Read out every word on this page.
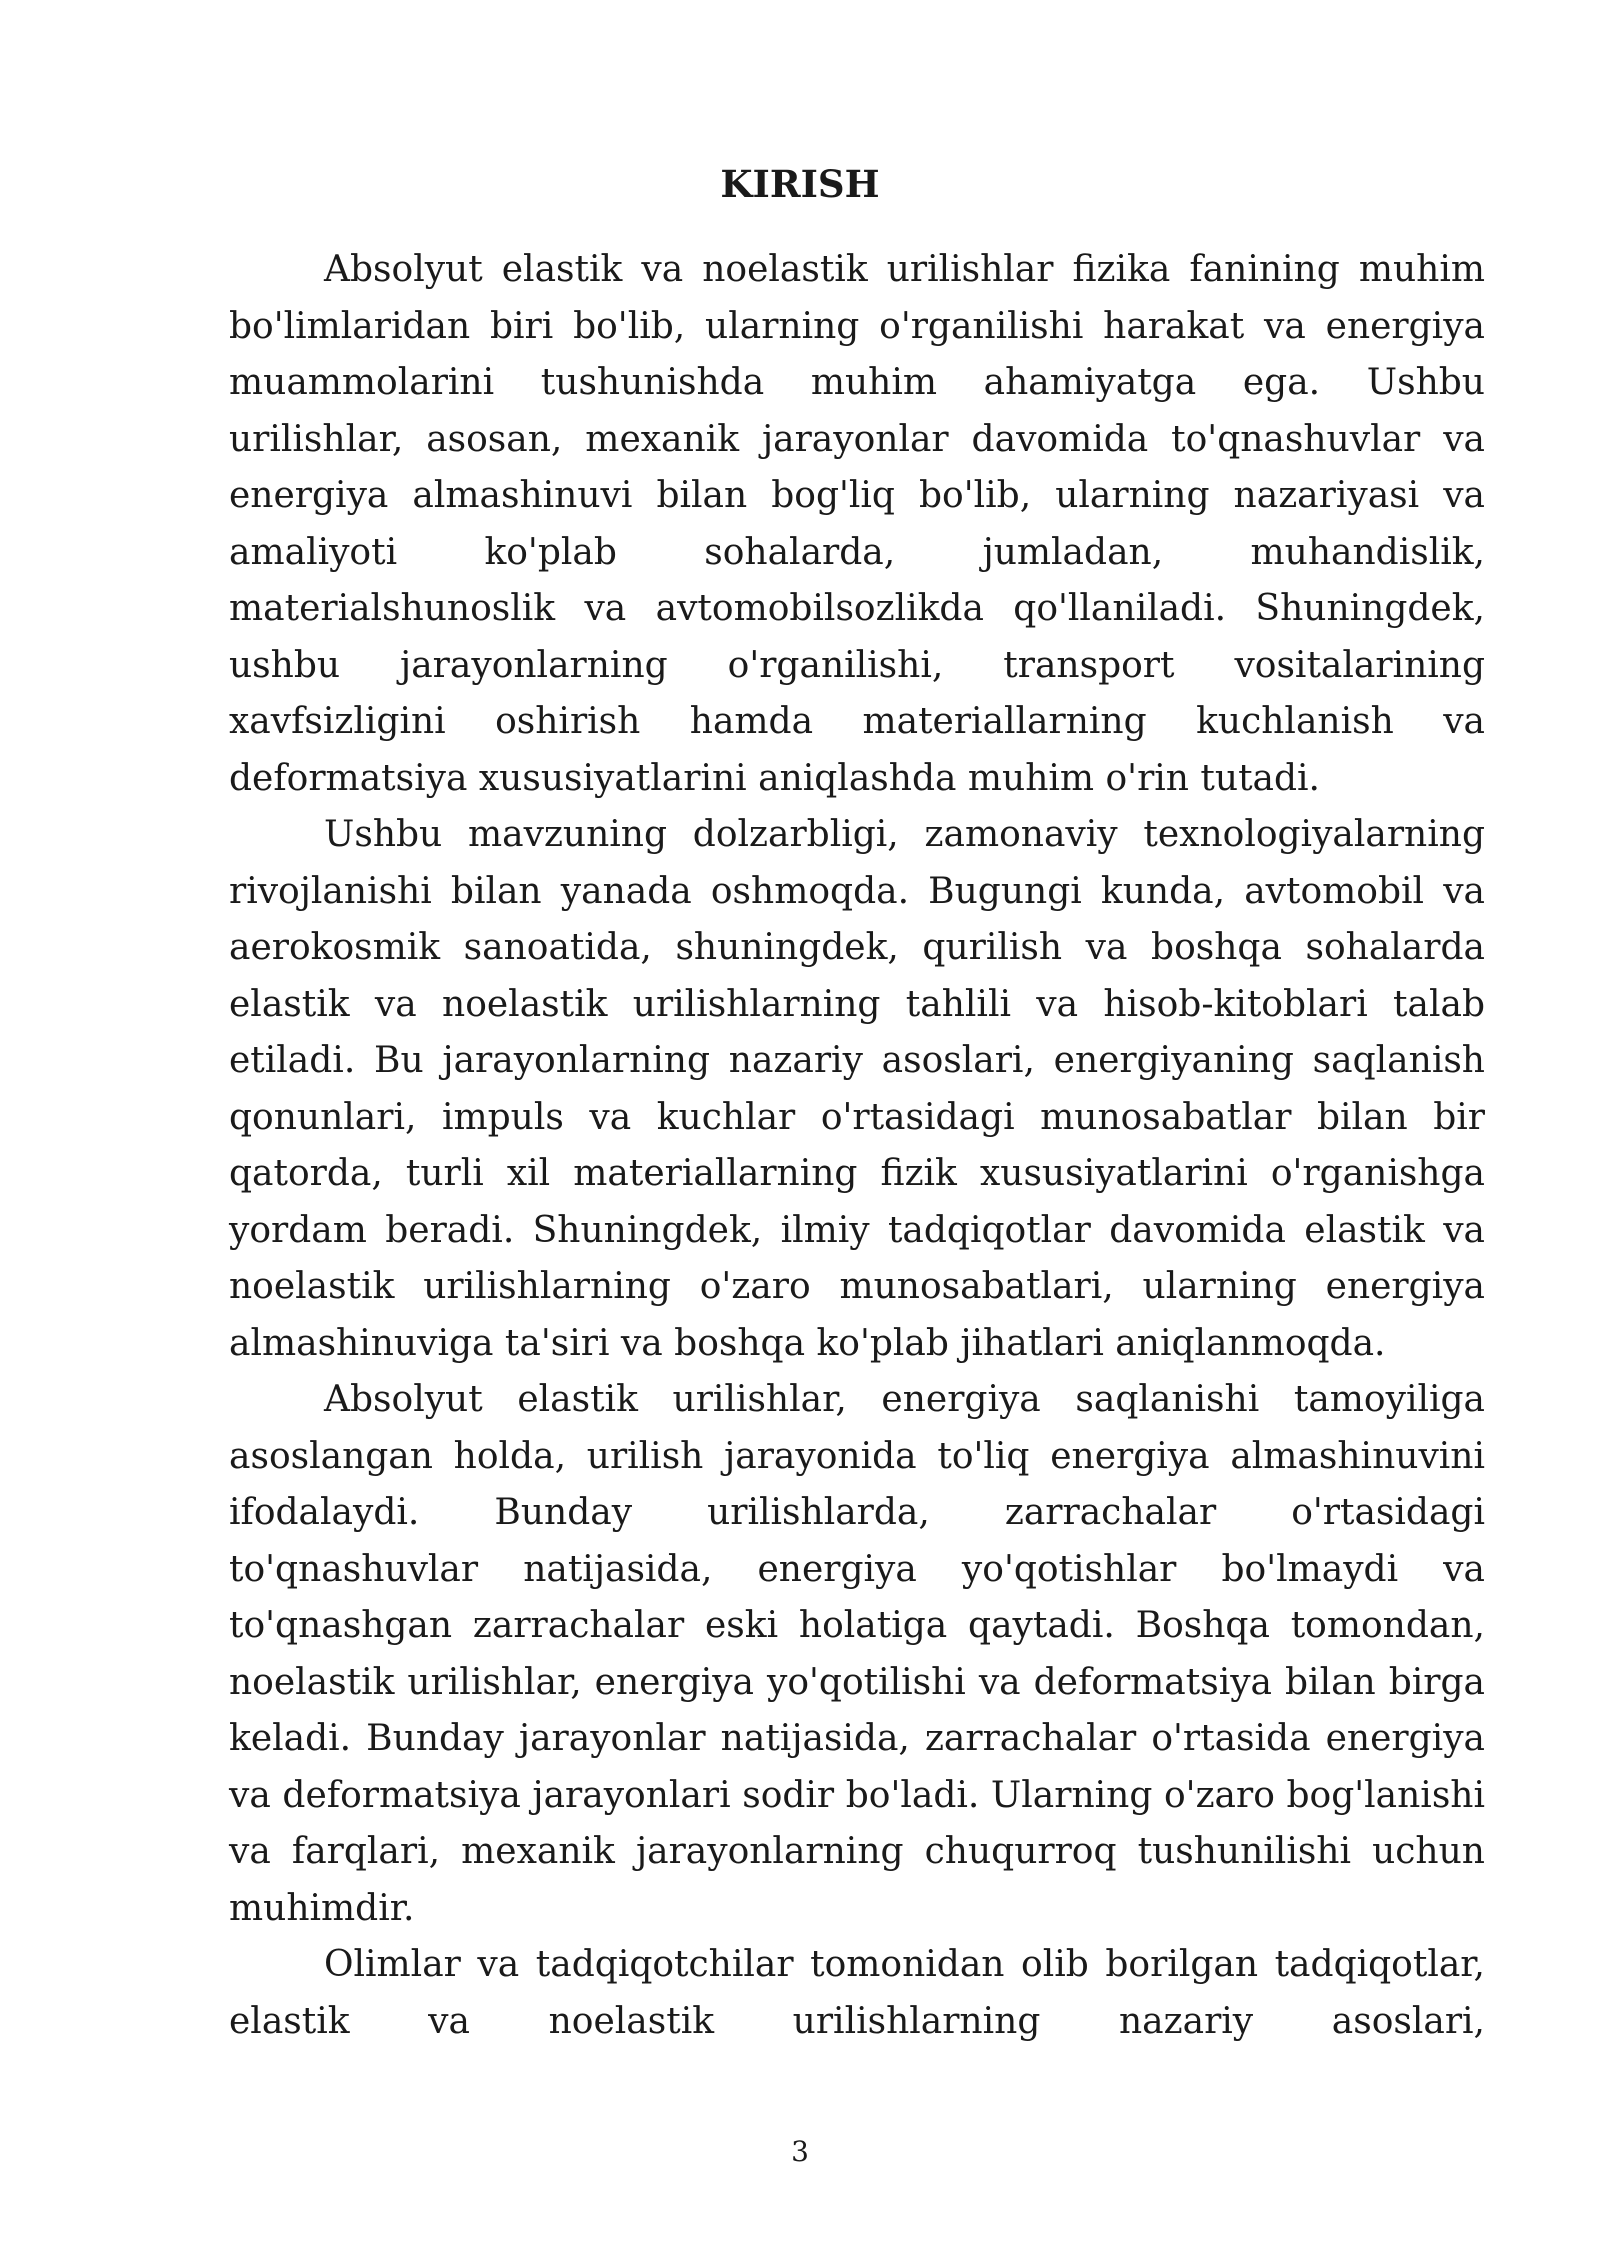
KIRISH

Absolyut elastik va noelastik urilishlar fizika fanining muhim bo'limlaridan biri bo'lib, ularning o'rganilishi harakat va energiya muammolarini tushunishda muhim ahamiyatga ega. Ushbu urilishlar, asosan, mexanik jarayonlar davomida to'qnashuvlar va energiya almashinuvi bilan bog'liq bo'lib, ularning nazariyasi va amaliyoti ko'plab sohalarda, jumladan, muhandislik, materialshunoslik va avtomobilsozlikda qo'llaniladi. Shuningdek, ushbu jarayonlarning o'rganilishi, transport vositalarining xavfsizligini oshirish hamda materiallarning kuchlanish va deformatsiya xususiyatlarini aniqlashda muhim o'rin tutadi.

Ushbu mavzuning dolzarbligi, zamonaviy texnologiyalarning rivojlanishi bilan yanada oshmoqda. Bugungi kunda, avtomobil va aerokosmik sanoatida, shuningdek, qurilish va boshqa sohalarda elastik va noelastik urilishlarning tahlili va hisob-kitoblari talab etiladi. Bu jarayonlarning nazariy asoslari, energiyaning saqlanish qonunlari, impuls va kuchlar o'rtasidagi munosabatlar bilan bir qatorda, turli xil materiallarning fizik xususiyatlarini o'rganishga yordam beradi. Shuningdek, ilmiy tadqiqotlar davomida elastik va noelastik urilishlarning o'zaro munosabatlari, ularning energiya almashinuviga ta'siri va boshqa ko'plab jihatlari aniqlanmoqda.

Absolyut elastik urilishlar, energiya saqlanishi tamoyiliga asoslangan holda, urilish jarayonida to'liq energiya almashinuvini ifodalaydi. Bunday urilishlarda, zarrachalar o'rtasidagi to'qnashuvlar natijasida, energiya yo'qotishlar bo'lmaydi va to'qnashgan zarrachalar eski holatiga qaytadi. Boshqa tomondan, noelastik urilishlar, energiya yo'qotilishi va deformatsiya bilan birga keladi. Bunday jarayonlar natijasida, zarrachalar o'rtasida energiya va deformatsiya jarayonlari sodir bo'ladi. Ularning o'zaro bog'lanishi va farqlari, mexanik jarayonlarning chuqurroq tushunilishi uchun muhimdir.

Olimlar va tadqiqotchilar tomonidan olib borilgan tadqiqotlar, elastik va noelastik urilishlarning nazariy asoslari,

3
